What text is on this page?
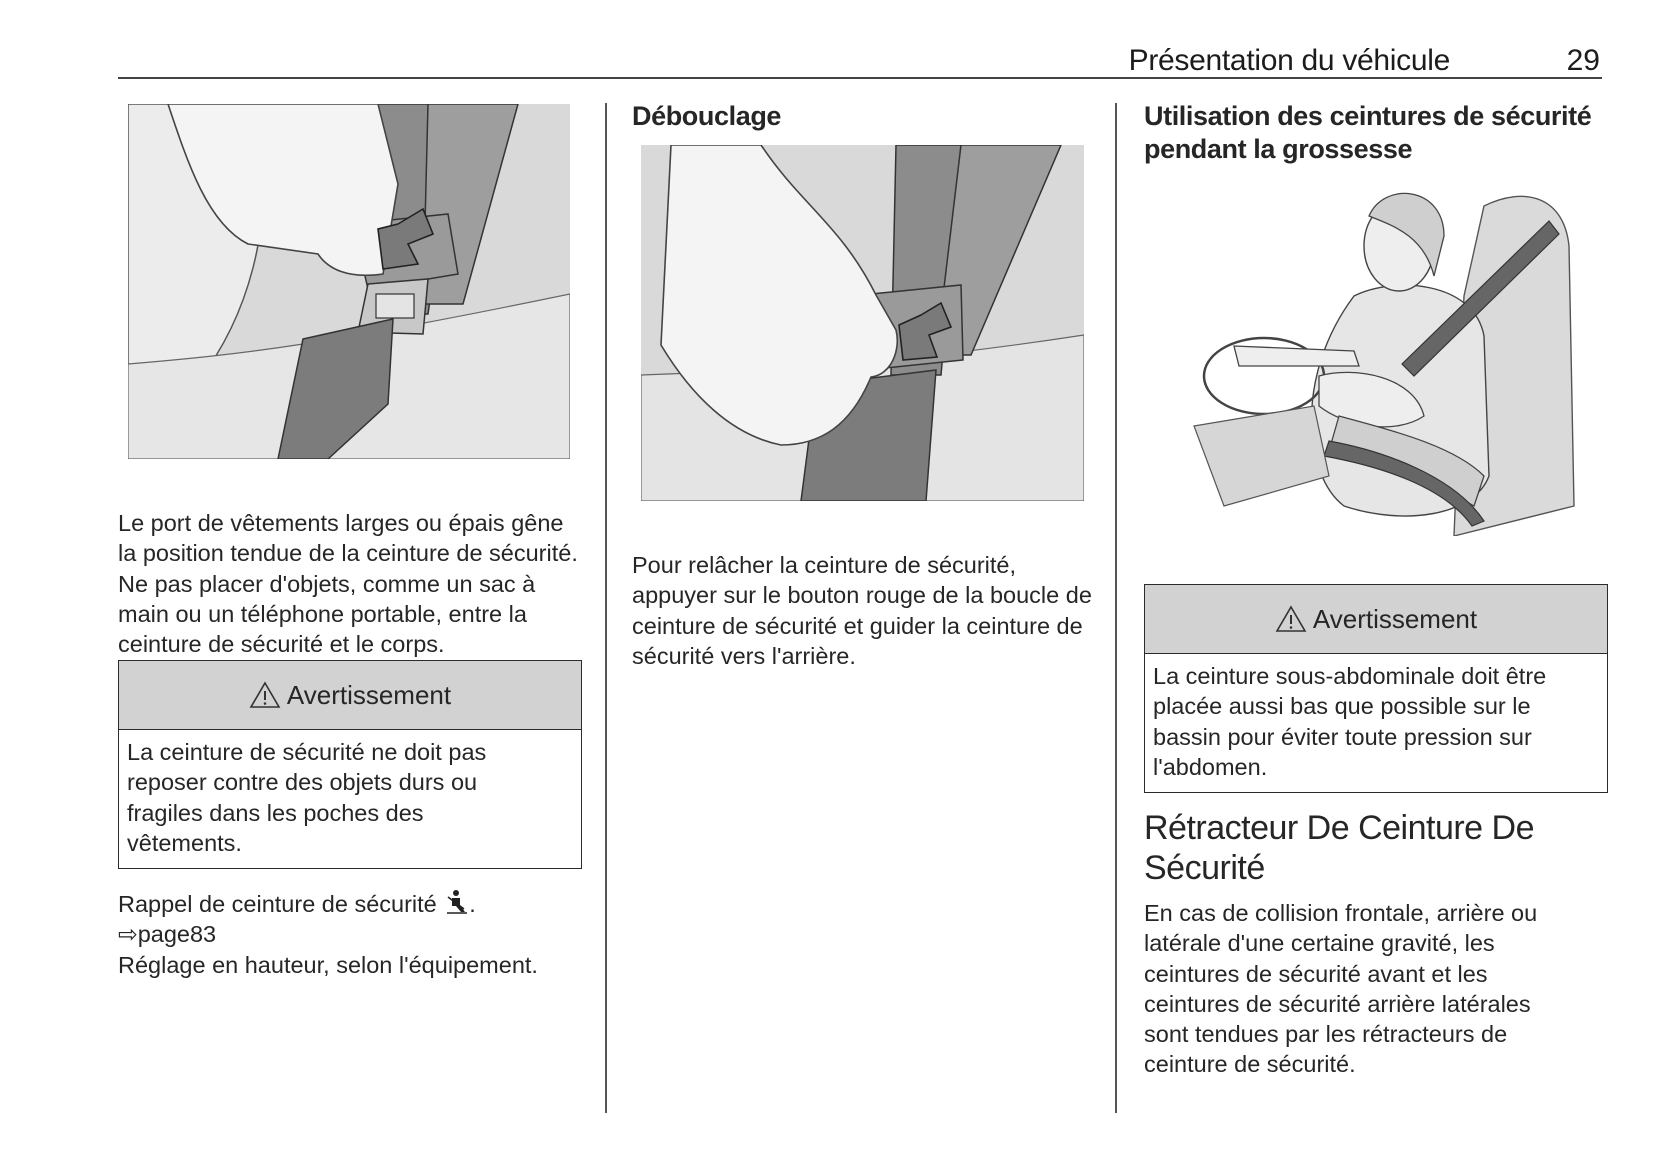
Présentation du véhicule	29

Le port de vêtements larges ou épais gêne la position tendue de la ceinture de sécurité. Ne pas placer d'objets, comme un sac à main ou un téléphone portable, entre la ceinture de sécurité et le corps.

Avertissement
La ceinture de sécurité ne doit pas reposer contre des objets durs ou fragiles dans les poches des vêtements.
Rappel de ceinture de sécurité .
⇨page83
Réglage en hauteur, selon l'équipement.
Débouclage

Pour relâcher la ceinture de sécurité, appuyer sur le bouton rouge de la boucle de ceinture de sécurité et guider la ceinture de sécurité vers l'arrière.

Utilisation des ceintures de sécurité pendant la grossesse
Avertissement
La ceinture sous-abdominale doit être placée aussi bas que possible sur le bassin pour éviter toute pression sur l'abdomen.
Rétracteur De Ceinture De Sécurité

En cas de collision frontale, arrière ou latérale d'une certaine gravité, les ceintures de sécurité avant et les ceintures de sécurité arrière latérales sont tendues par les rétracteurs de ceinture de sécurité.
